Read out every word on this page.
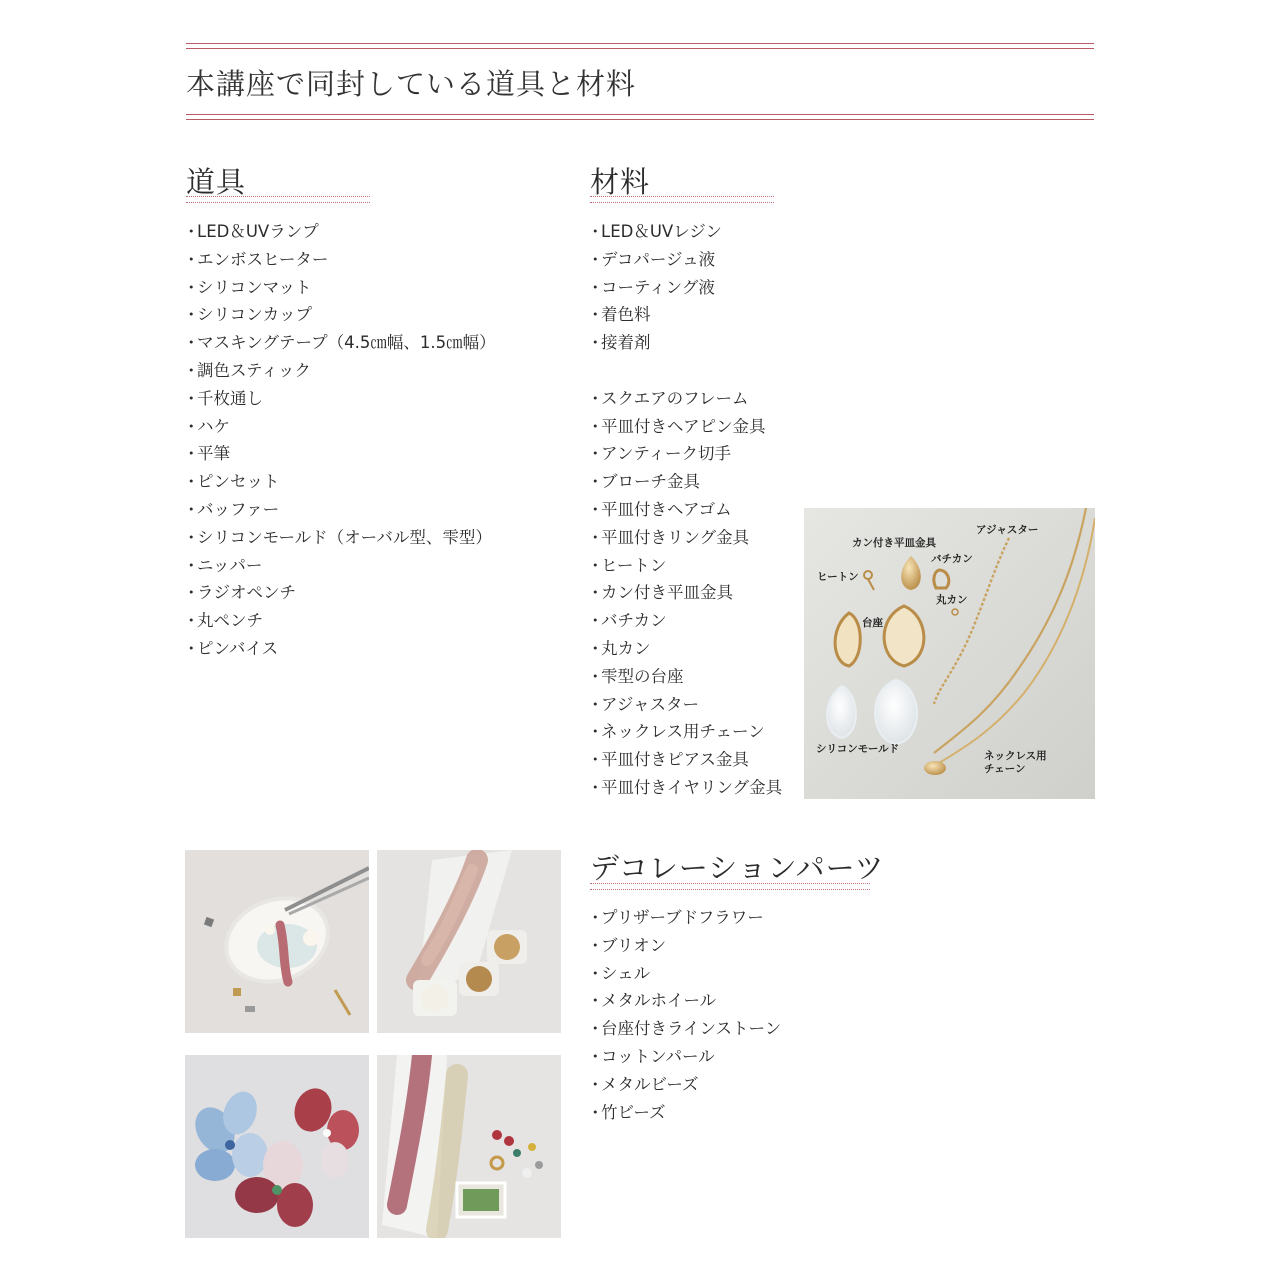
本講座で同封している道具と材料
道具
・LED＆UVランプ
・エンボスヒーター
・シリコンマット
・シリコンカップ
・マスキングテープ（4.5㎝幅、1.5㎝幅）
・調色スティック
・千枚通し
・ハケ
・平筆
・ピンセット
・バッファー
・シリコンモールド（オーバル型、雫型）
・ニッパー
・ラジオペンチ
・丸ペンチ
・ピンバイス
材料
・LED＆UVレジン
・デコパージュ液
・コーティング液
・着色料
・接着剤
・スクエアのフレーム
・平皿付きヘアピン金具
・アンティーク切手
・ブローチ金具
・平皿付きヘアゴム
・平皿付きリング金具
・ヒートン
・カン付き平皿金具
・バチカン
・丸カン
・雫型の台座
・アジャスター
・ネックレス用チェーン
・平皿付きピアス金具
・平皿付きイヤリング金具
アジャスター
カン付き平皿金具
バチカン
ヒートン
丸カン
台座
シリコンモールド
ネックレス用
チェーン
デコレーションパーツ
・プリザーブドフラワー
・ブリオン
・シェル
・メタルホイール
・台座付きラインストーン
・コットンパール
・メタルビーズ
・竹ビーズ
